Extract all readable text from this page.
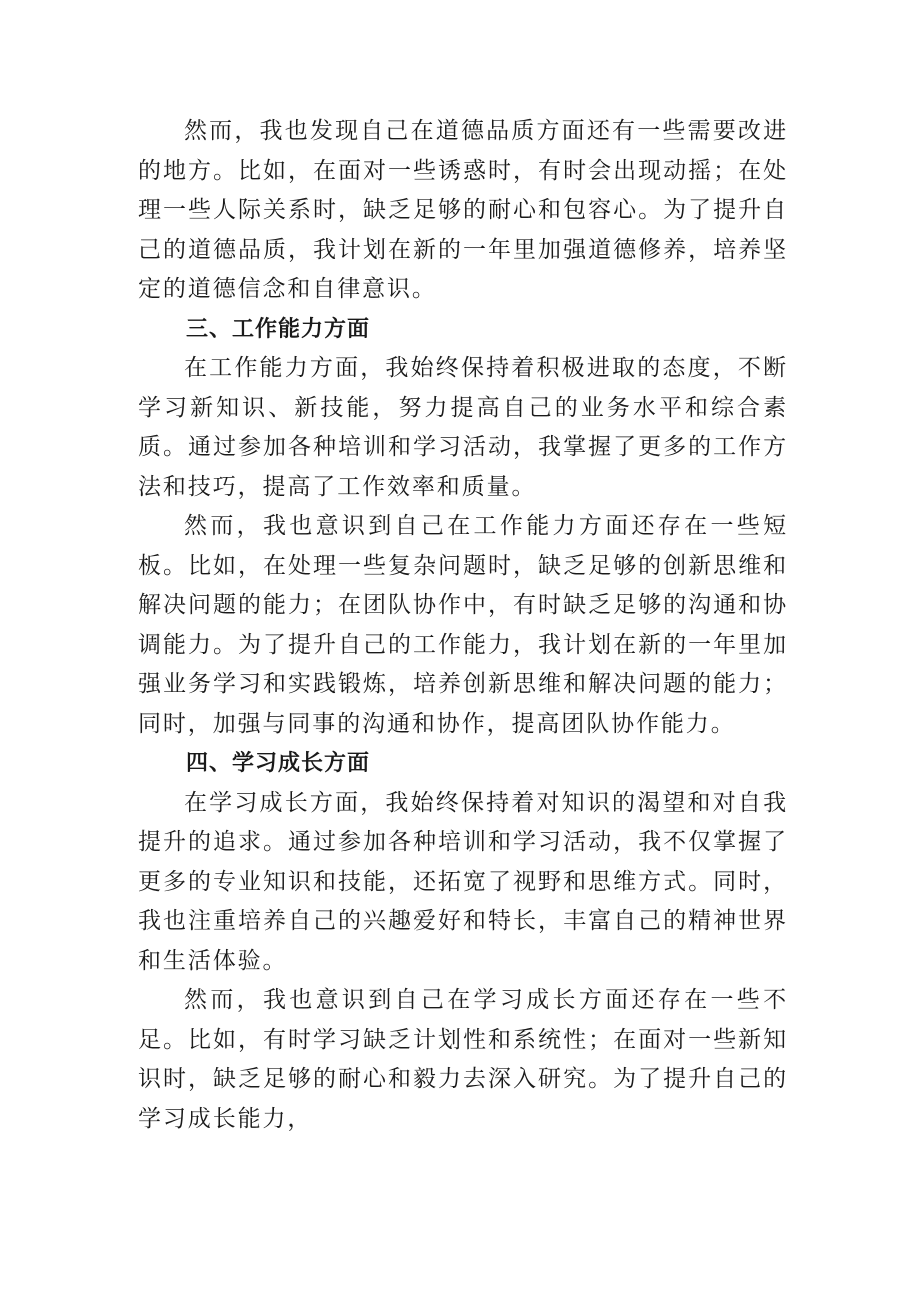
然而，我也发现自己在道德品质方面还有一些需要改进的地方。比如，在面对一些诱惑时，有时会出现动摇；在处理一些人际关系时，缺乏足够的耐心和包容心。为了提升自己的道德品质，我计划在新的一年里加强道德修养，培养坚定的道德信念和自律意识。

三、工作能力方面

在工作能力方面，我始终保持着积极进取的态度，不断学习新知识、新技能，努力提高自己的业务水平和综合素质。通过参加各种培训和学习活动，我掌握了更多的工作方法和技巧，提高了工作效率和质量。

然而，我也意识到自己在工作能力方面还存在一些短板。比如，在处理一些复杂问题时，缺乏足够的创新思维和解决问题的能力；在团队协作中，有时缺乏足够的沟通和协调能力。为了提升自己的工作能力，我计划在新的一年里加强业务学习和实践锻炼，培养创新思维和解决问题的能力；同时，加强与同事的沟通和协作，提高团队协作能力。

四、学习成长方面

在学习成长方面，我始终保持着对知识的渴望和对自我提升的追求。通过参加各种培训和学习活动，我不仅掌握了更多的专业知识和技能，还拓宽了视野和思维方式。同时，我也注重培养自己的兴趣爱好和特长，丰富自己的精神世界和生活体验。

然而，我也意识到自己在学习成长方面还存在一些不足。比如，有时学习缺乏计划性和系统性；在面对一些新知识时，缺乏足够的耐心和毅力去深入研究。为了提升自己的学习成长能力，
